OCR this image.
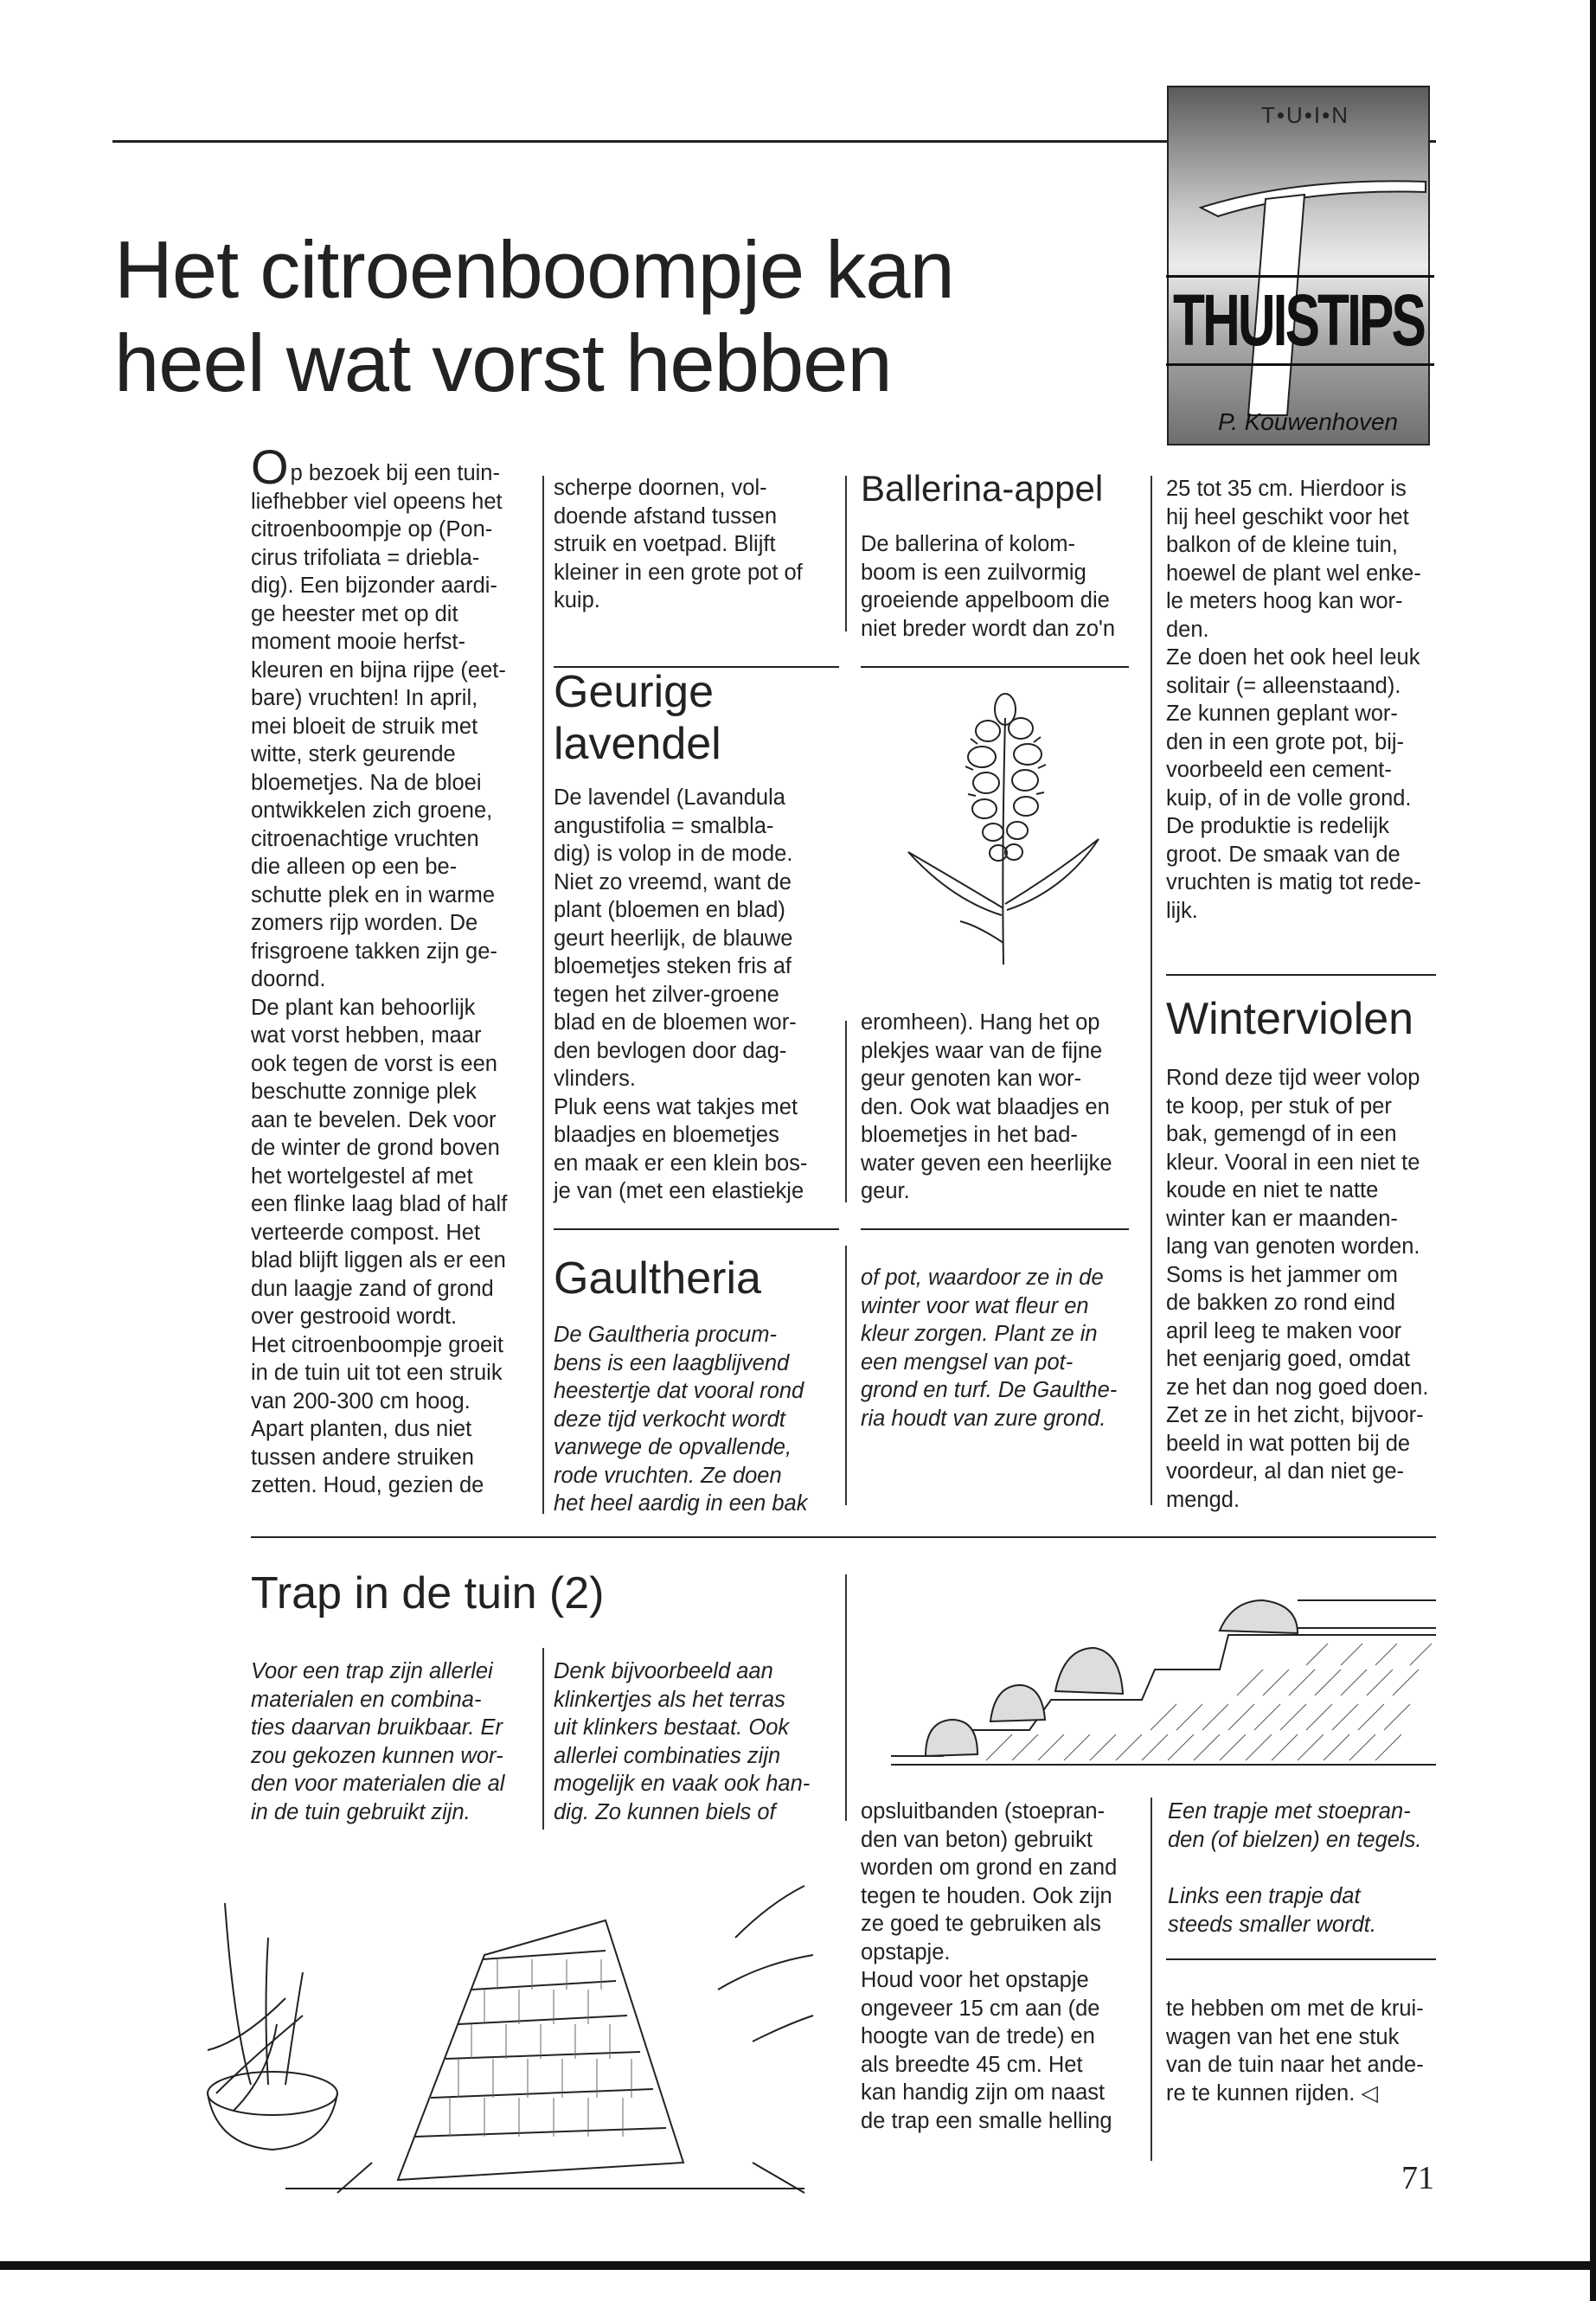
T•U•I•N
THUISTIPS
P. Kouwenhoven
Het citroenboompje kan
heel wat vorst hebben

Op bezoek bij een tuin-
liefhebber viel opeens het
citroenboompje op (Pon-
cirus trifoliata = driebla-
dig). Een bijzonder aardi-
ge heester met op dit
moment mooie herfst-
kleuren en bijna rijpe (eet-
bare) vruchten! In april,
mei bloeit de struik met
witte, sterk geurende
bloemetjes. Na de bloei
ontwikkelen zich groene,
citroenachtige vruchten
die alleen op een be-
schutte plek en in warme
zomers rijp worden. De
frisgroene takken zijn ge-
doornd.
De plant kan behoorlijk
wat vorst hebben, maar
ook tegen de vorst is een
beschutte zonnige plek
aan te bevelen. Dek voor
de winter de grond boven
het wortelgestel af met
een flinke laag blad of half
verteerde compost. Het
blad blijft liggen als er een
dun laagje zand of grond
over gestrooid wordt.
Het citroenboompje groeit
in de tuin uit tot een struik
van 200-300 cm hoog.
Apart planten, dus niet
tussen andere struiken
zetten. Houd, gezien de

scherpe doornen, vol-
doende afstand tussen
struik en voetpad. Blijft
kleiner in een grote pot of
kuip.

Geurige
lavendel

De lavendel (Lavandula
angustifolia = smalbla-
dig) is volop in de mode.
Niet zo vreemd, want de
plant (bloemen en blad)
geurt heerlijk, de blauwe
bloemetjes steken fris af
tegen het zilver-groene
blad en de bloemen wor-
den bevlogen door dag-
vlinders.
Pluk eens wat takjes met
blaadjes en bloemetjes
en maak er een klein bos-
je van (met een elastiekje

Gaultheria

De Gaultheria procum-
bens is een laagblijvend
heestertje dat vooral rond
deze tijd verkocht wordt
vanwege de opvallende,
rode vruchten. Ze doen
het heel aardig in een bak

Ballerina-appel

De ballerina of kolom-
boom is een zuilvormig
groeiende appelboom die
niet breder wordt dan zo'n

eromheen). Hang het op
plekjes waar van de fijne
geur genoten kan wor-
den. Ook wat blaadjes en
bloemetjes in het bad-
water geven een heerlijke
geur.

of pot, waardoor ze in de
winter voor wat fleur en
kleur zorgen. Plant ze in
een mengsel van pot-
grond en turf. De Gaulthe-
ria houdt van zure grond.

25 tot 35 cm. Hierdoor is
hij heel geschikt voor het
balkon of de kleine tuin,
hoewel de plant wel enke-
le meters hoog kan wor-
den.
Ze doen het ook heel leuk
solitair (= alleenstaand).
Ze kunnen geplant wor-
den in een grote pot, bij-
voorbeeld een cement-
kuip, of in de volle grond.
De produktie is redelijk
groot. De smaak van de
vruchten is matig tot rede-
lijk.

Winterviolen

Rond deze tijd weer volop
te koop, per stuk of per
bak, gemengd of in een
kleur. Vooral in een niet te
koude en niet te natte
winter kan er maanden-
lang van genoten worden.
Soms is het jammer om
de bakken zo rond eind
april leeg te maken voor
het eenjarig goed, omdat
ze het dan nog goed doen.
Zet ze in het zicht, bijvoor-
beeld in wat potten bij de
voordeur, al dan niet ge-
mengd.

Trap in de tuin (2)

Voor een trap zijn allerlei
materialen en combina-
ties daarvan bruikbaar. Er
zou gekozen kunnen wor-
den voor materialen die al
in de tuin gebruikt zijn.

Denk bijvoorbeeld aan
klinkertjes als het terras
uit klinkers bestaat. Ook
allerlei combinaties zijn
mogelijk en vaak ook han-
dig. Zo kunnen biels of	opsluitbanden (stoepran-
den van beton) gebruikt
worden om grond en zand
tegen te houden. Ook zijn
ze goed te gebruiken als
opstapje.
Houd voor het opstapje
ongeveer 15 cm aan (de
hoogte van de trede) en
als breedte 45 cm. Het
kan handig zijn om naast
de trap een smalle helling

Een trapje met stoepran-
den (of bielzen) en tegels.

Links een trapje dat
steeds smaller wordt.

te hebben om met de krui-
wagen van het ene stuk
van de tuin naar het ande-
re te kunnen rijden. ◁

71
